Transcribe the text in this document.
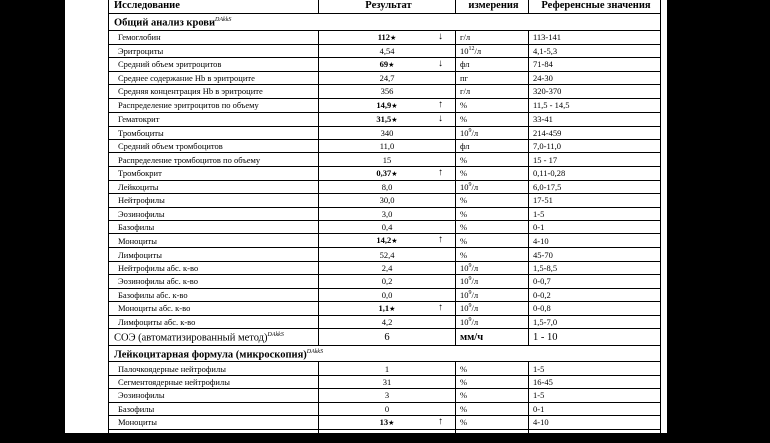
Исследование	Результат	измерения	Референсные значения
Общий анализ крови$^{DAkkS}$
Гемоглобин	112★ ↓	г/л	113-141
Эритроциты	4,54	$10^{12}/л$	4,1-5,3
Средний объем эритроцитов	69★ ↓	фл	71-84
Среднее содержание Hb в эритроците	24,7	пг	24-30
Средняя концентрация Hb в эритроците	356	г/л	320-370
Распределение эритроцитов по объему	14,9★ ↑	%	11,5 - 14,5
Гематокрит	31,5★ ↓	%	33-41
Тромбоциты	340	$10^9/л$	214-459
Средний объем тромбоцитов	11,0	фл	7,0-11,0
Распределение тромбоцитов по объему	15	%	15 - 17
Тромбокрит	0,37★ ↑	%	0,11-0,28
Лейкоциты	8,0	$10^9/л$	6,0-17,5
Нейтрофилы	30,0	%	17-51
Эозинофилы	3,0	%	1-5
Базофилы	0,4	%	0-1
Моноциты	14,2★ ↑	%	4-10
Лимфоциты	52,4	%	45-70
Нейтрофилы абс. к-во	2,4	$10^9/л$	1,5-8,5
Эозинофилы абс. к-во	0,2	$10^9/л$	0-0,7
Базофилы абс. к-во	0,0	$10^9/л$	0-0,2
Моноциты абс. к-во	1,1★ ↑	$10^9/л$	0-0,8
Лимфоциты абс. к-во	4,2	$10^9/л$	1,5-7,0
СОЭ (автоматизированный метод)$^{DAkkS}$	6	мм/ч	1 - 10
Лейкоцитарная формула (микроскопия)$^{DAkkS}$
Палочкоядерные нейтрофилы	1	%	1-5
Сегментоядерные нейтрофилы	31	%	16-45
Эозинофилы	3	%	1-5
Базофилы	0	%	0-1
Моноциты	13★ ↑	%	4-10
Лимфоциты	52	%	45-70
